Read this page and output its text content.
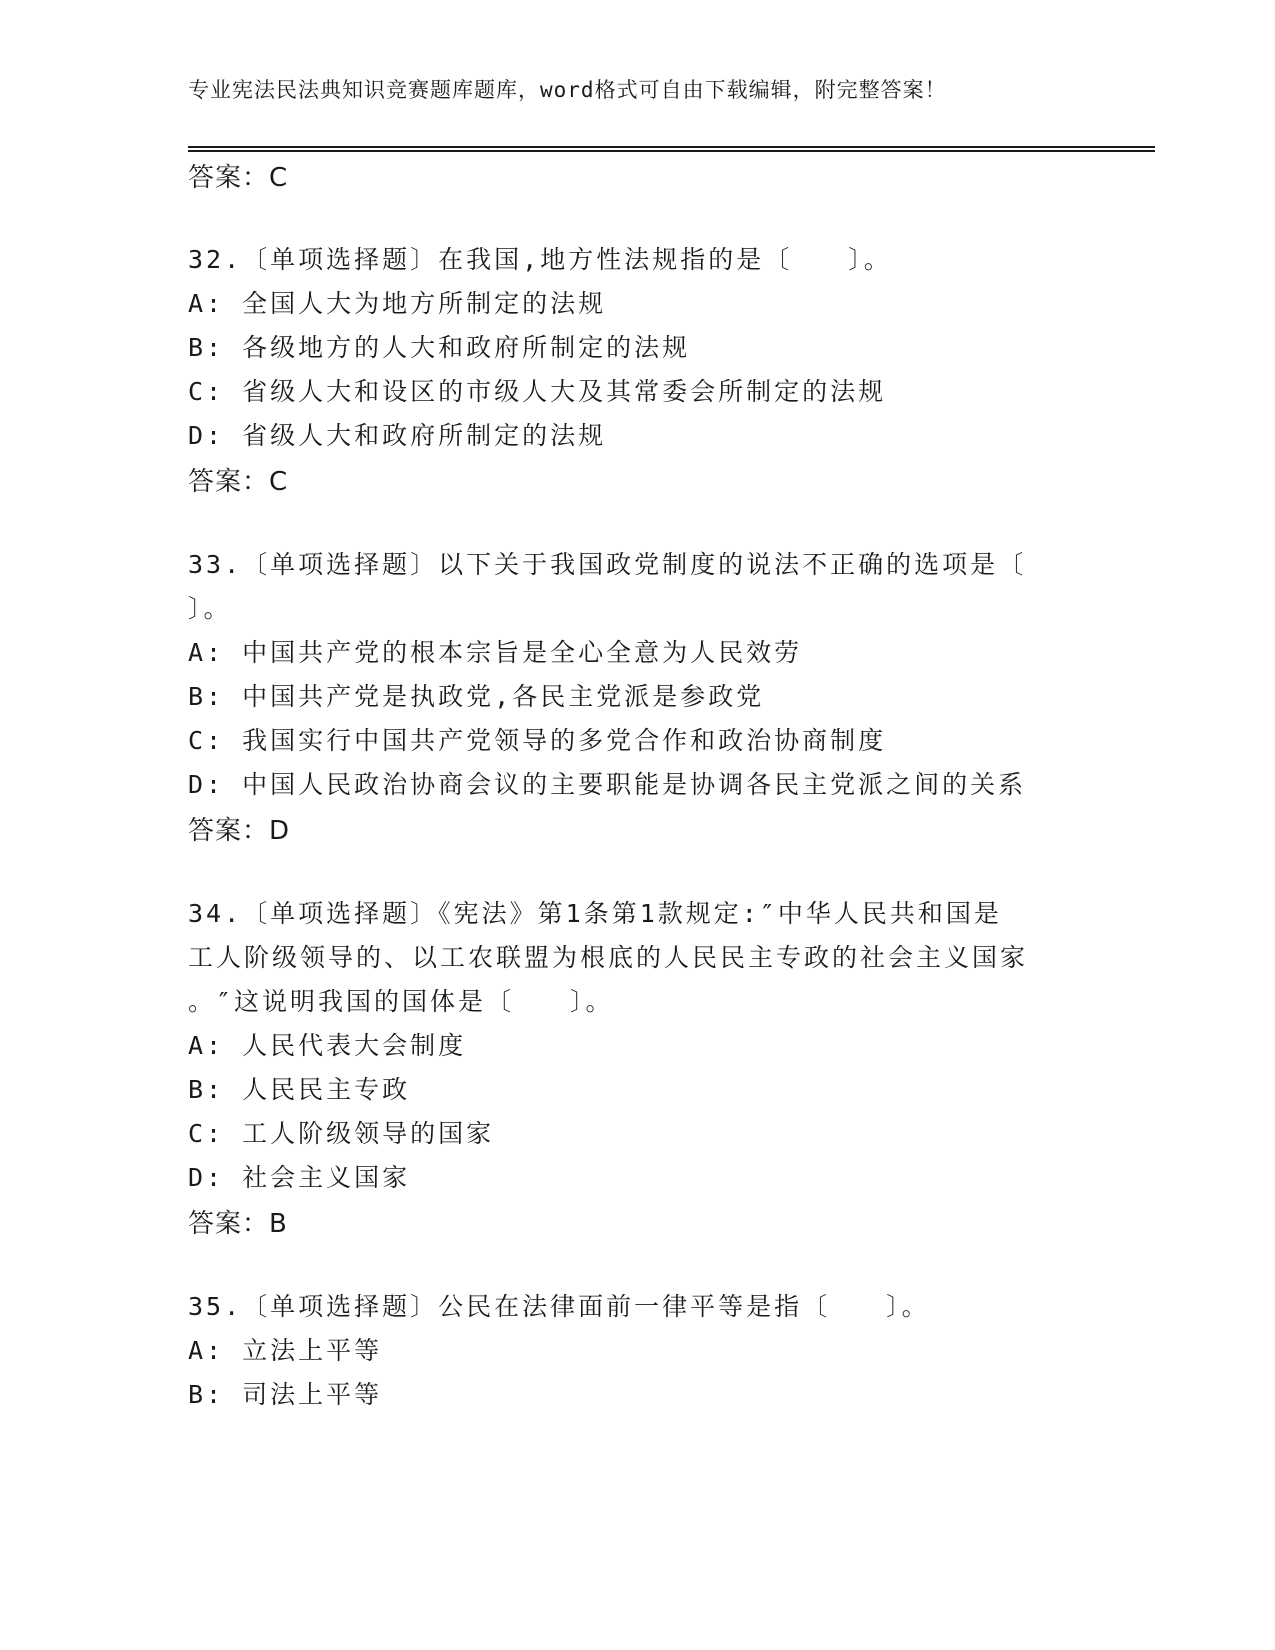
专业宪法民法典知识竞赛题库题库，word格式可自由下载编辑，附完整答案！
答案：C
32.〔单项选择题〕在我国,地方性法规指的是〔　　〕。
A: 全国人大为地方所制定的法规
B: 各级地方的人大和政府所制定的法规
C: 省级人大和设区的市级人大及其常委会所制定的法规
D: 省级人大和政府所制定的法规
答案：C
33.〔单项选择题〕以下关于我国政党制度的说法不正确的选项是〔
〕。
A: 中国共产党的根本宗旨是全心全意为人民效劳
B: 中国共产党是执政党,各民主党派是参政党
C: 我国实行中国共产党领导的多党合作和政治协商制度
D: 中国人民政治协商会议的主要职能是协调各民主党派之间的关系
答案：D
34.〔单项选择题〕《宪法》第1条第1款规定:″中华人民共和国是
工人阶级领导的、以工农联盟为根底的人民民主专政的社会主义国家
。″这说明我国的国体是〔　　〕。
A: 人民代表大会制度
B: 人民民主专政
C: 工人阶级领导的国家
D: 社会主义国家
答案：B
35.〔单项选择题〕公民在法律面前一律平等是指〔　　〕。
A: 立法上平等
B: 司法上平等
